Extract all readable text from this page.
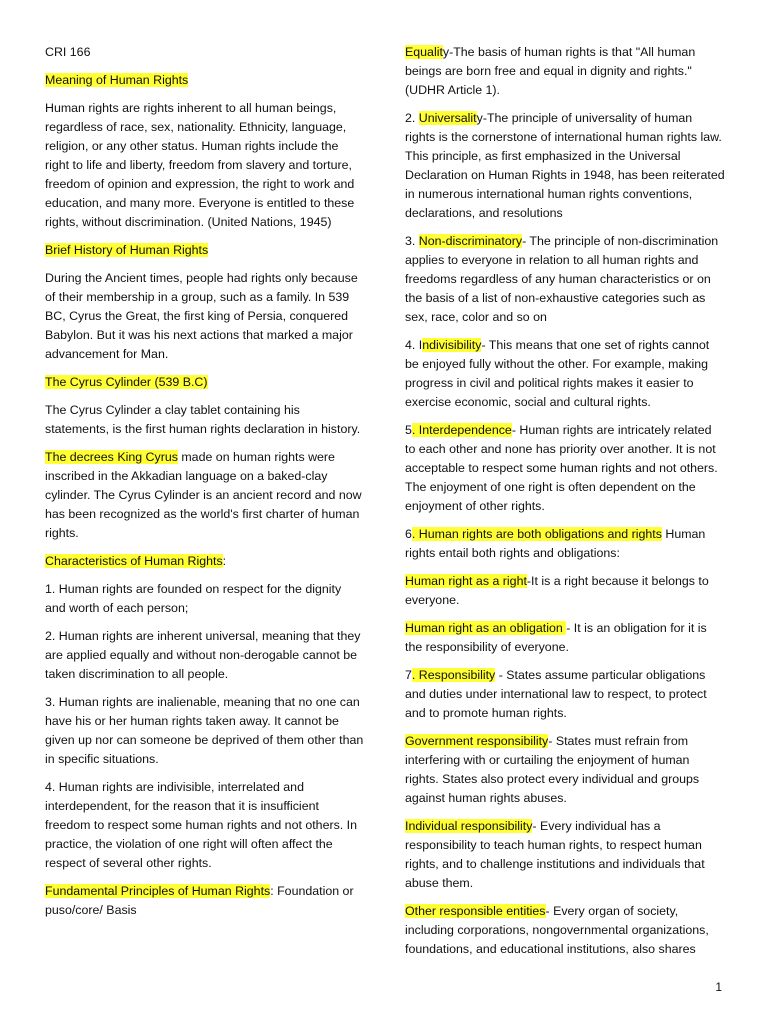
CRI 166

Meaning of Human Rights

Human rights are rights inherent to all human beings, regardless of race, sex, nationality. Ethnicity, language, religion, or any other status. Human rights include the right to life and liberty, freedom from slavery and torture, freedom of opinion and expression, the right to work and education, and many more. Everyone is entitled to these rights, without discrimination. (United Nations, 1945)

Brief History of Human Rights

During the Ancient times, people had rights only because of their membership in a group, such as a family. In 539 BC, Cyrus the Great, the first king of Persia, conquered Babylon. But it was his next actions that marked a major advancement for Man.

The Cyrus Cylinder (539 B.C)

The Cyrus Cylinder a clay tablet containing his statements, is the first human rights declaration in history.

The decrees King Cyrus made on human rights were inscribed in the Akkadian language on a baked-clay cylinder. The Cyrus Cylinder is an ancient record and now has been recognized as the world's first charter of human rights.

Characteristics of Human Rights:

1. Human rights are founded on respect for the dignity and worth of each person;

2. Human rights are inherent universal, meaning that they are applied equally and without non-derogable cannot be taken discrimination to all people.

3. Human rights are inalienable, meaning that no one can have his or her human rights taken away. It cannot be given up nor can someone be deprived of them other than in specific situations.

4. Human rights are indivisible, interrelated and interdependent, for the reason that it is insufficient freedom to respect some human rights and not others. In practice, the violation of one right will often affect the respect of several other rights.

Fundamental Principles of Human Rights: Foundation or puso/core/ Basis

Equality-The basis of human rights is that "All human beings are born free and equal in dignity and rights." (UDHR Article 1).

2. Universality-The principle of universality of human rights is the cornerstone of international human rights law. This principle, as first emphasized in the Universal Declaration on Human Rights in 1948, has been reiterated in numerous international human rights conventions, declarations, and resolutions

3. Non-discriminatory- The principle of non-discrimination applies to everyone in relation to all human rights and freedoms regardless of any human characteristics or on the basis of a list of non-exhaustive categories such as sex, race, color and so on

4. Indivisibility- This means that one set of rights cannot be enjoyed fully without the other. For example, making progress in civil and political rights makes it easier to exercise economic, social and cultural rights.

5. Interdependence- Human rights are intricately related to each other and none has priority over another. It is not acceptable to respect some human rights and not others. The enjoyment of one right is often dependent on the enjoyment of other rights.

6. Human rights are both obligations and rights Human rights entail both rights and obligations:

Human right as a right-It is a right because it belongs to everyone.

Human right as an obligation - It is an obligation for it is the responsibility of everyone.

7. Responsibility - States assume particular obligations and duties under international law to respect, to protect and to promote human rights.

Government responsibility- States must refrain from interfering with or curtailing the enjoyment of human rights. States also protect every individual and groups against human rights abuses.

Individual responsibility- Every individual has a responsibility to teach human rights, to respect human rights, and to challenge institutions and individuals that abuse them.

Other responsible entities- Every organ of society, including corporations, nongovernmental organizations, foundations, and educational institutions, also shares

1
